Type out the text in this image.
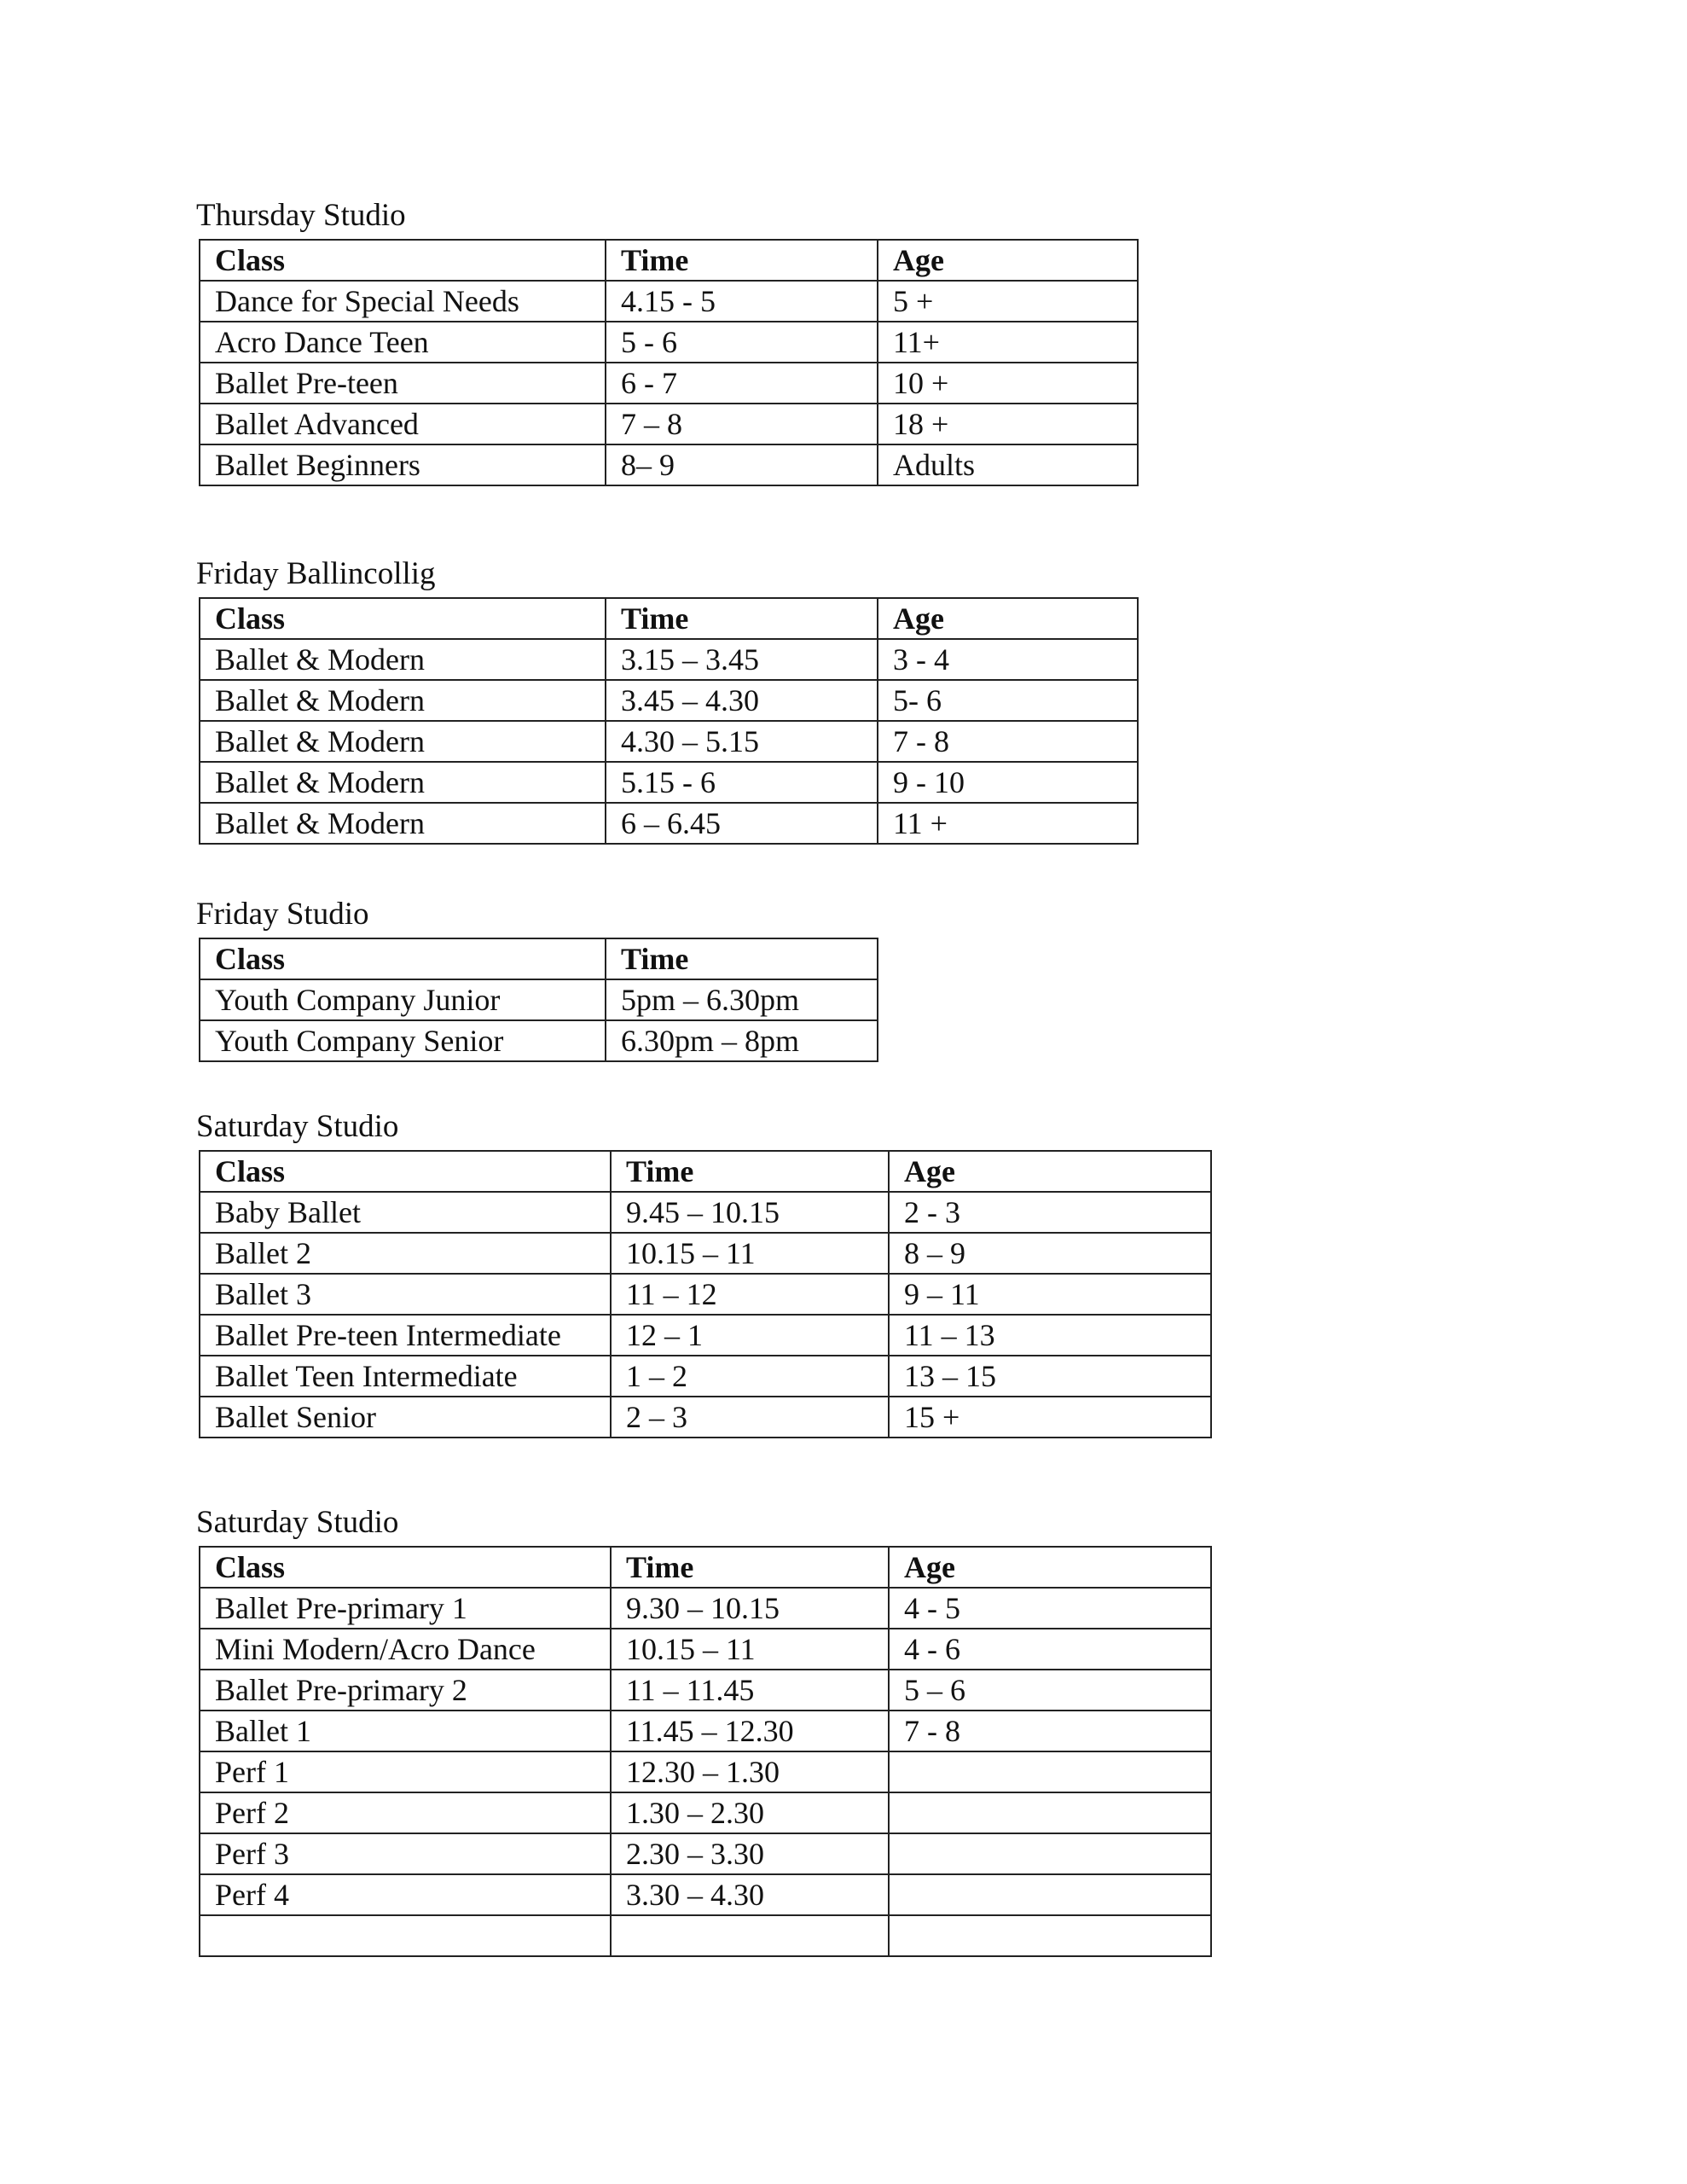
Thursday Studio
Class	Time	Age
Dance for Special Needs	4.15 - 5	5 +
Acro Dance Teen	5 - 6	11+
Ballet Pre-teen	6 - 7	10 +
Ballet Advanced	7 – 8	18 +
Ballet Beginners	8– 9	Adults
Friday Ballincollig
Class	Time	Age
Ballet & Modern	3.15 – 3.45	3 - 4
Ballet & Modern	3.45 – 4.30	5- 6
Ballet & Modern	4.30 – 5.15	7 - 8
Ballet & Modern	5.15 - 6	9 - 10
Ballet & Modern	6 – 6.45	11 +
Friday Studio
Class	Time
Youth Company Junior	5pm – 6.30pm
Youth Company Senior	6.30pm – 8pm
Saturday Studio
Class	Time	Age
Baby Ballet	9.45 – 10.15	2 - 3
Ballet 2	10.15 – 11	8 – 9
Ballet 3	11 – 12	9 – 11
Ballet Pre-teen Intermediate	12 – 1	11 – 13
Ballet Teen Intermediate	1 – 2	13 – 15
Ballet Senior	2 – 3	15 +
Saturday Studio
Class	Time	Age
Ballet Pre-primary 1	9.30 – 10.15	4 - 5
Mini Modern/Acro Dance	10.15 – 11	4 - 6
Ballet Pre-primary 2	11 – 11.45	5 – 6
Ballet 1	11.45 – 12.30	7 - 8
Perf 1	12.30 – 1.30	
Perf 2	1.30 – 2.30	
Perf 3	2.30 – 3.30	
Perf 4	3.30 – 4.30	
